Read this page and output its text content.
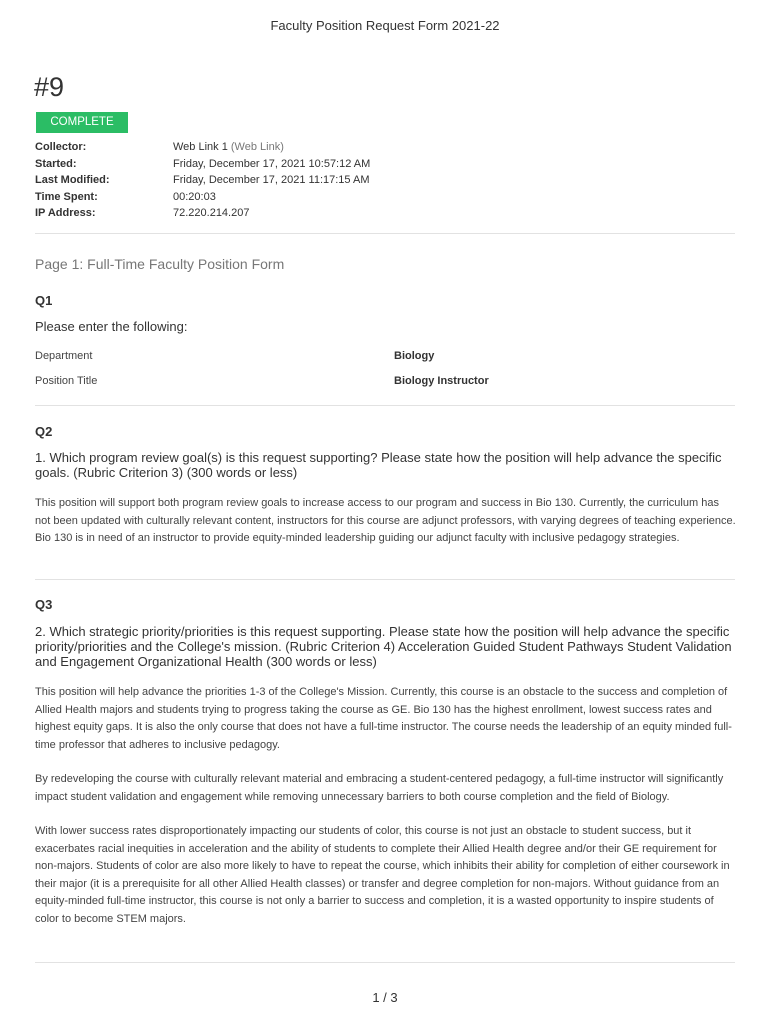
Faculty Position Request Form 2021-22
#9
COMPLETE
Collector:	Web Link 1 (Web Link)
Started:	Friday, December 17, 2021 10:57:12 AM
Last Modified:	Friday, December 17, 2021 11:17:15 AM
Time Spent:	00:20:03
IP Address:	72.220.214.207
Page 1: Full-Time Faculty Position Form
Q1
Please enter the following:
Department	Biology
Position Title	Biology Instructor
Q2
1. Which program review goal(s) is this request supporting? Please state how the position will help advance the specific goals. (Rubric Criterion 3) (300 words or less)
This position will support both program review goals to increase access to our program and success in Bio 130. Currently, the curriculum has not been updated with culturally relevant content, instructors for this course are adjunct professors, with varying degrees of teaching experience. Bio 130 is in need of an instructor to provide equity-minded leadership guiding our adjunct faculty with inclusive pedagogy strategies.
Q3
2. Which strategic priority/priorities is this request supporting. Please state how the position will help advance the specific priority/priorities and the College's mission. (Rubric Criterion 4) Acceleration Guided Student Pathways Student Validation and Engagement Organizational Health (300 words or less)

This position will help advance the priorities 1-3 of the College's Mission. Currently, this course is an obstacle to the success and completion of Allied Health majors and students trying to progress taking the course as GE. Bio 130 has the highest enrollment, lowest success rates and highest equity gaps. It is also the only course that does not have a full-time instructor. The course needs the leadership of an equity minded full-time professor that adheres to inclusive pedagogy.

By redeveloping the course with culturally relevant material and embracing a student-centered pedagogy, a full-time instructor will significantly impact student validation and engagement while removing unnecessary barriers to both course completion and the field of Biology.

With lower success rates disproportionately impacting our students of color, this course is not just an obstacle to student success, but it exacerbates racial inequities in acceleration and the ability of students to complete their Allied Health degree and/or their GE requirement for non-majors. Students of color are also more likely to have to repeat the course, which inhibits their ability for completion of either coursework in their major (it is a prerequisite for all other Allied Health classes) or transfer and degree completion for non-majors. Without guidance from an equity-minded full-time instructor, this course is not only a barrier to success and completion, it is a wasted opportunity to inspire students of color to become STEM majors.

1 / 3
